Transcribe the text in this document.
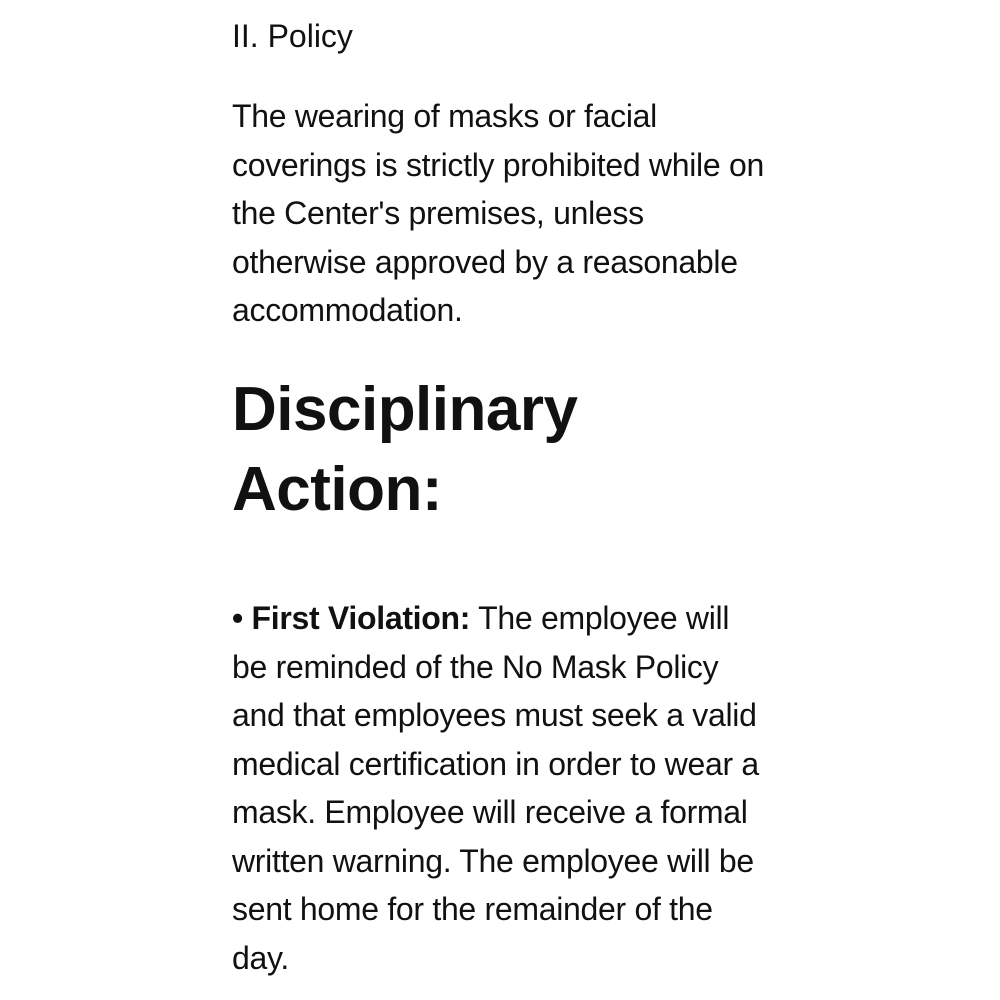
II. Policy

The wearing of masks or facial
coverings is strictly prohibited while on
the Center's premises, unless
otherwise approved by a reasonable
accommodation.

Disciplinary
Action:

• First Violation: The employee will
be reminded of the No Mask Policy
and that employees must seek a valid
medical certification in order to wear a
mask. Employee will receive a formal
written warning. The employee will be
sent home for the remainder of the
day.
